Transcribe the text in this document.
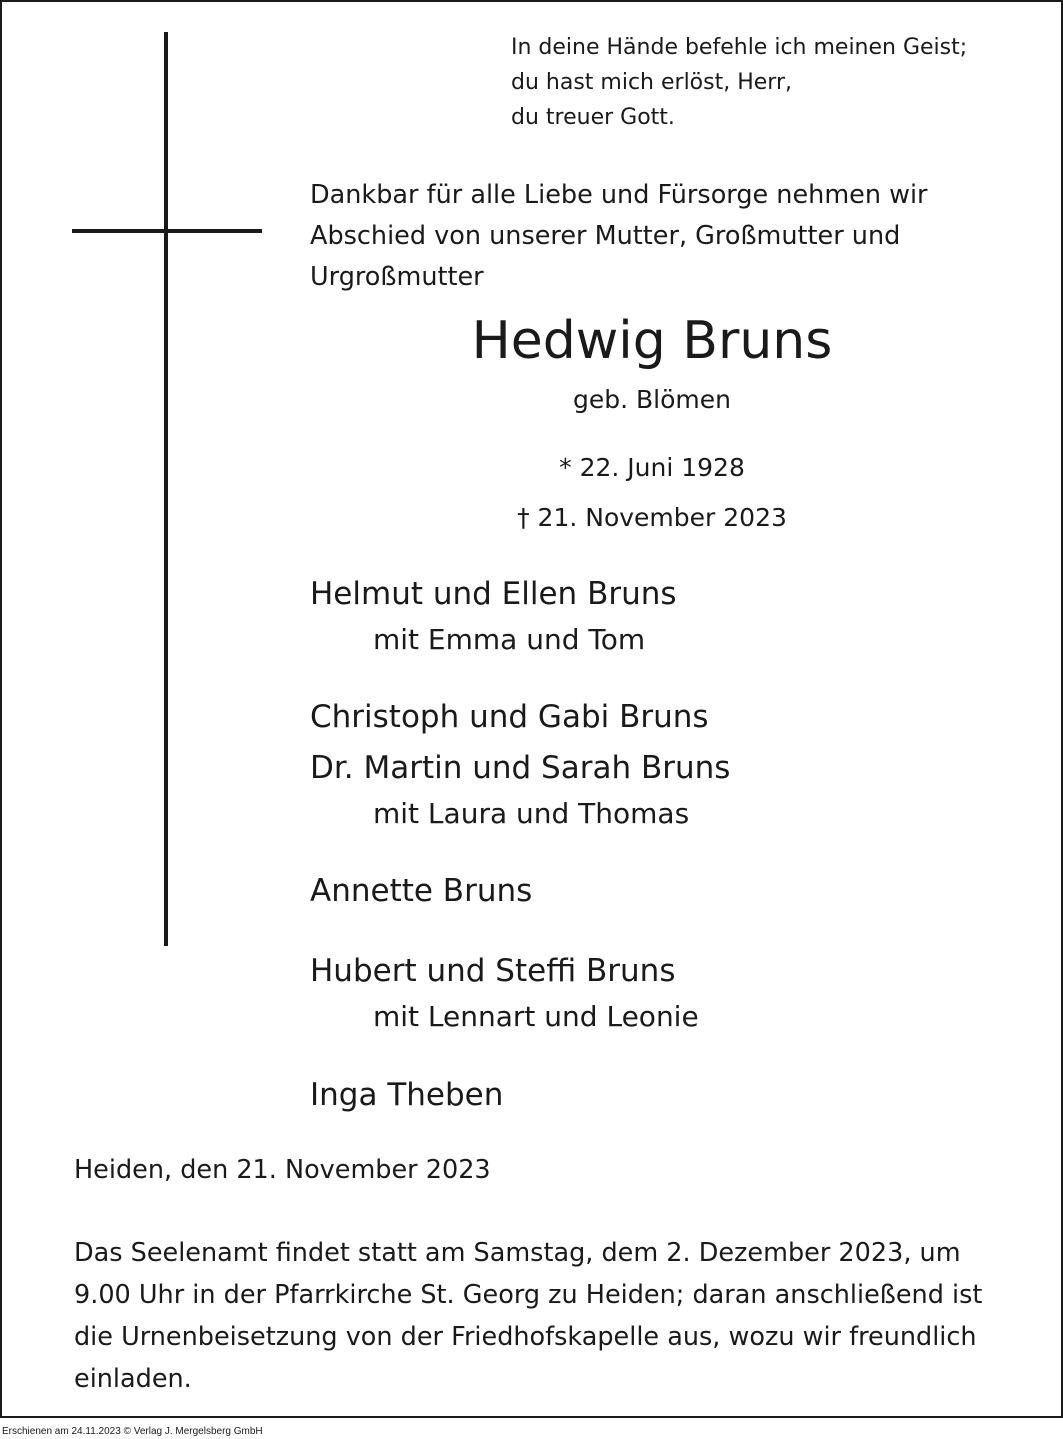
In deine Hände befehle ich meinen Geist;
du hast mich erlöst, Herr,
du treuer Gott.
Dankbar für alle Liebe und Fürsorge nehmen wir
Abschied von unserer Mutter, Großmutter und
Urgroßmutter
Hedwig Bruns
geb. Blömen
* 22. Juni 1928
† 21. November 2023
Helmut und Ellen Bruns
mit Emma und Tom
Christoph und Gabi Bruns
Dr. Martin und Sarah Bruns
mit Laura und Thomas
Annette Bruns
Hubert und Steffi Bruns
mit Lennart und Leonie
Inga Theben
Heiden, den 21. November 2023
Das Seelenamt findet statt am Samstag, dem 2. Dezember 2023, um
9.00 Uhr in der Pfarrkirche St. Georg zu Heiden; daran anschließend ist
die Urnenbeisetzung von der Friedhofskapelle aus, wozu wir freundlich
einladen.
Erschienen am 24.11.2023 © Verlag J. Mergelsberg GmbH
